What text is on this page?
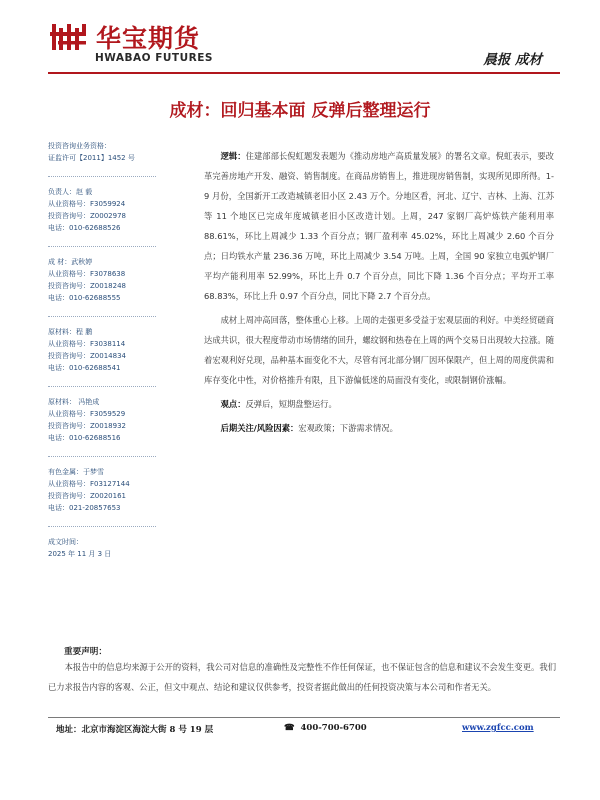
华宝期货
HWABAO FUTURES	晨报 成材
成材：回归基本面 反弹后整理运行
投资咨询业务资格：
证监许可【2011】1452 号
负责人：赵 毅
从业资格号：F3059924
投资咨询号：Z0002978
电话：010-62688526
成 材：武秋婷
从业资格号：F3078638
投资咨询号：Z0018248
电话：010-62688555
原材料：程 鹏
从业资格号：F3038114
投资咨询号：Z0014834
电话：010-62688541
原材料： 冯艳成
从业资格号：F3059529
投资咨询号：Z0018932
电话：010-62688516
有色金属：于梦雪
从业资格号：F03127144
投资咨询号：Z0020161
电话：021-20857653
成文时间：
2025 年 11 月 3 日

逻辑：住建部部长倪虹题发表题为《推动房地产高质量发展》的署名文章。倪虹表示，要改革完善房地产开发、融资、销售制度。在商品房销售上，推进现房销售制，实现所见即所得。1-9 月份，全国新开工改造城镇老旧小区 2.43 万个。分地区看，河北、辽宁、吉林、上海、江苏等 11 个地区已完成年度城镇老旧小区改造计划。上周，247 家钢厂高炉炼铁产能利用率 88.61%，环比上周减少 1.33 个百分点；钢厂盈利率 45.02%，环比上周减少 2.60 个百分点；日均铁水产量 236.36 万吨，环比上周减少 3.54 万吨。上周，全国 90 家独立电弧炉钢厂平均产能利用率 52.99%，环比上升 0.7 个百分点，同比下降 1.36 个百分点；平均开工率 68.83%，环比上升 0.97 个百分点，同比下降 2.7 个百分点。

成材上周冲高回落，整体重心上移。上周的走强更多受益于宏观层面的利好。中美经贸磋商达成共识，很大程度带动市场情绪的回升，螺纹钢和热卷在上周的两个交易日出现较大拉涨。随着宏观利好兑现，品种基本面变化不大，尽管有河北部分钢厂因环保限产，但上周的周度供需和库存变化中性，对价格推升有限，且下游偏低迷的局面没有变化，或限制钢价涨幅。

观点：反弹后，短期盘整运行。

后期关注/风险因素：宏观政策；下游需求情况。

重要声明：
本报告中的信息均来源于公开的资料，我公司对信息的准确性及完整性不作任何保证，也不保证包含的信息和建议不会发生变更。我们已力求报告内容的客观、公正，但文中观点、结论和建议仅供参考，投资者据此做出的任何投资决策与本公司和作者无关。
地址：北京市海淀区海淀大街 8 号 19 层	☎ 400-700-6700	www.zgfcc.com
